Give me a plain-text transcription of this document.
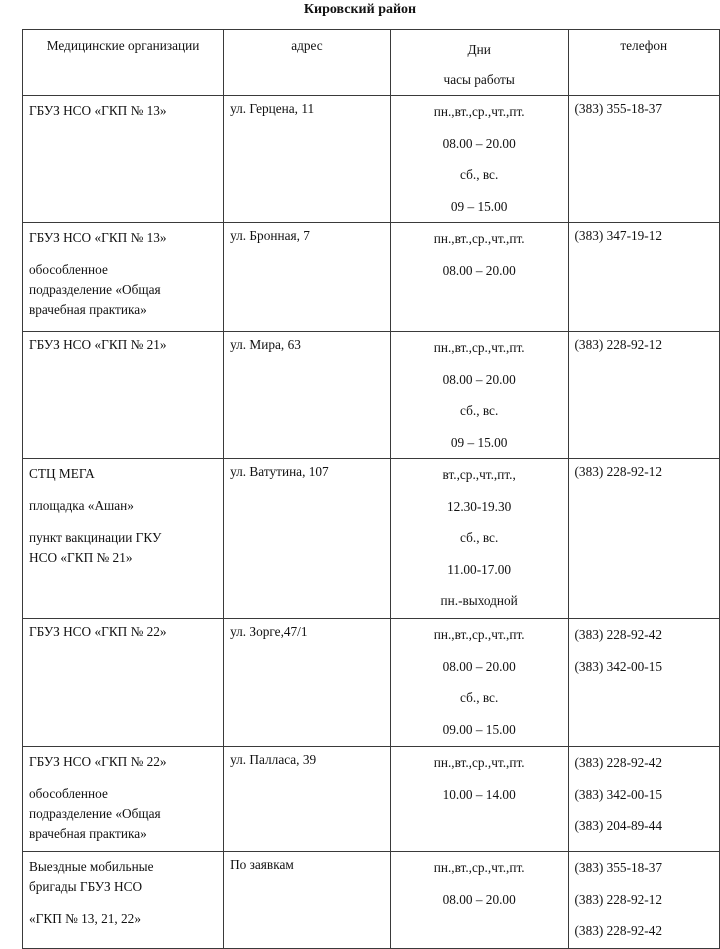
Кировский район
Медицинские организации	адрес	Дни
часы работы	телефон

ГБУЗ НСО «ГКП № 13»	ул. Герцена, 11	пн.,вт.,ср.,чт.,пт.
08.00 – 20.00
сб., вс.
09 – 15.00	(383) 355-18-37

ГБУЗ НСО «ГКП № 13»
обособленное
подразделение «Общая
врачебная практика»	ул. Бронная, 7	пн.,вт.,ср.,чт.,пт.
08.00 – 20.00	(383) 347-19-12

ГБУЗ НСО «ГКП № 21»	ул. Мира, 63	пн.,вт.,ср.,чт.,пт.
08.00 – 20.00
сб., вс.
09 – 15.00	(383) 228-92-12

СТЦ МЕГА
площадка «Ашан»
пункт вакцинации ГКУ
НСО «ГКП № 21»	ул. Ватутина, 107	вт.,ср.,чт.,пт.,
12.30-19.30
сб., вс.
11.00-17.00
пн.-выходной	(383) 228-92-12

ГБУЗ НСО «ГКП № 22»	ул. Зорге,47/1	пн.,вт.,ср.,чт.,пт.
08.00 – 20.00
сб., вс.
09.00 – 15.00	(383) 228-92-42
(383) 342-00-15

ГБУЗ НСО «ГКП № 22»
обособленное
подразделение «Общая
врачебная практика»	ул. Палласа, 39	пн.,вт.,ср.,чт.,пт.
10.00 – 14.00	(383) 228-92-42
(383) 342-00-15
(383) 204-89-44

Выездные мобильные
бригады ГБУЗ НСО
«ГКП № 13, 21, 22»	По заявкам	пн.,вт.,ср.,чт.,пт.
08.00 – 20.00	(383) 355-18-37
(383) 228-92-12
(383) 228-92-42
